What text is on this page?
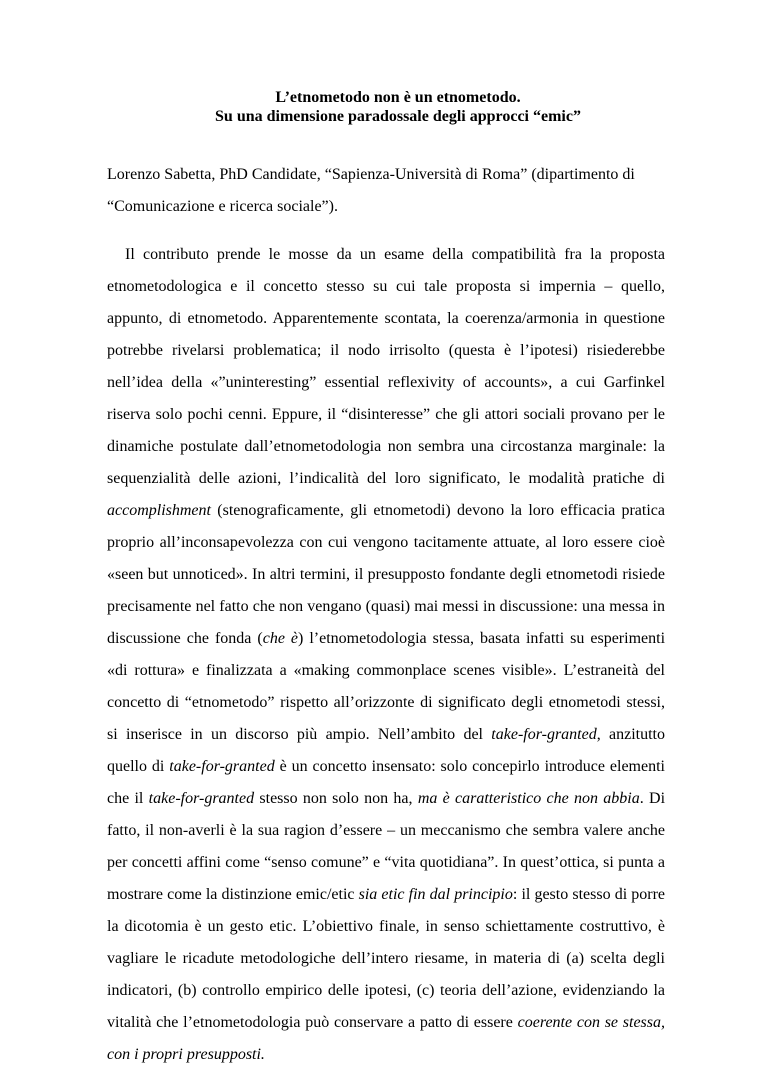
L’etnometodo non è un etnometodo.
Su una dimensione paradossale degli approcci “emic”

Lorenzo Sabetta, PhD Candidate, “Sapienza-Università di Roma” (dipartimento di “Comunicazione e ricerca sociale”).

Il contributo prende le mosse da un esame della compatibilità fra la proposta etnometodologica e il concetto stesso su cui tale proposta si impernia – quello, appunto, di etnometodo. Apparentemente scontata, la coerenza/armonia in questione potrebbe rivelarsi problematica; il nodo irrisolto (questa è l’ipotesi) risiederebbe nell’idea della «”uninteresting” essential reflexivity of accounts», a cui Garfinkel riserva solo pochi cenni. Eppure, il “disinteresse” che gli attori sociali provano per le dinamiche postulate dall’etnometodologia non sembra una circostanza marginale: la sequenzialità delle azioni, l’indicalità del loro significato, le modalità pratiche di accomplishment (stenograficamente, gli etnometodi) devono la loro efficacia pratica proprio all’inconsapevolezza con cui vengono tacitamente attuate, al loro essere cioè «seen but unnoticed». In altri termini, il presupposto fondante degli etnometodi risiede precisamente nel fatto che non vengano (quasi) mai messi in discussione: una messa in discussione che fonda (che è) l’etnometodologia stessa, basata infatti su esperimenti «di rottura» e finalizzata a «making commonplace scenes visible». L’estraneità del concetto di “etnometodo” rispetto all’orizzonte di significato degli etnometodi stessi, si inserisce in un discorso più ampio. Nell’ambito del take-for-granted, anzitutto quello di take-for-granted è un concetto insensato: solo concepirlo introduce elementi che il take-for-granted stesso non solo non ha, ma è caratteristico che non abbia. Di fatto, il non-averli è la sua ragion d’essere – un meccanismo che sembra valere anche per concetti affini come “senso comune” e “vita quotidiana”. In quest’ottica, si punta a mostrare come la distinzione emic/etic sia etic fin dal principio: il gesto stesso di porre la dicotomia è un gesto etic. L’obiettivo finale, in senso schiettamente costruttivo, è vagliare le ricadute metodologiche dell’intero riesame, in materia di (a) scelta degli indicatori, (b) controllo empirico delle ipotesi, (c) teoria dell’azione, evidenziando la vitalità che l’etnometodologia può conservare a patto di essere coerente con se stessa, con i propri presupposti.
